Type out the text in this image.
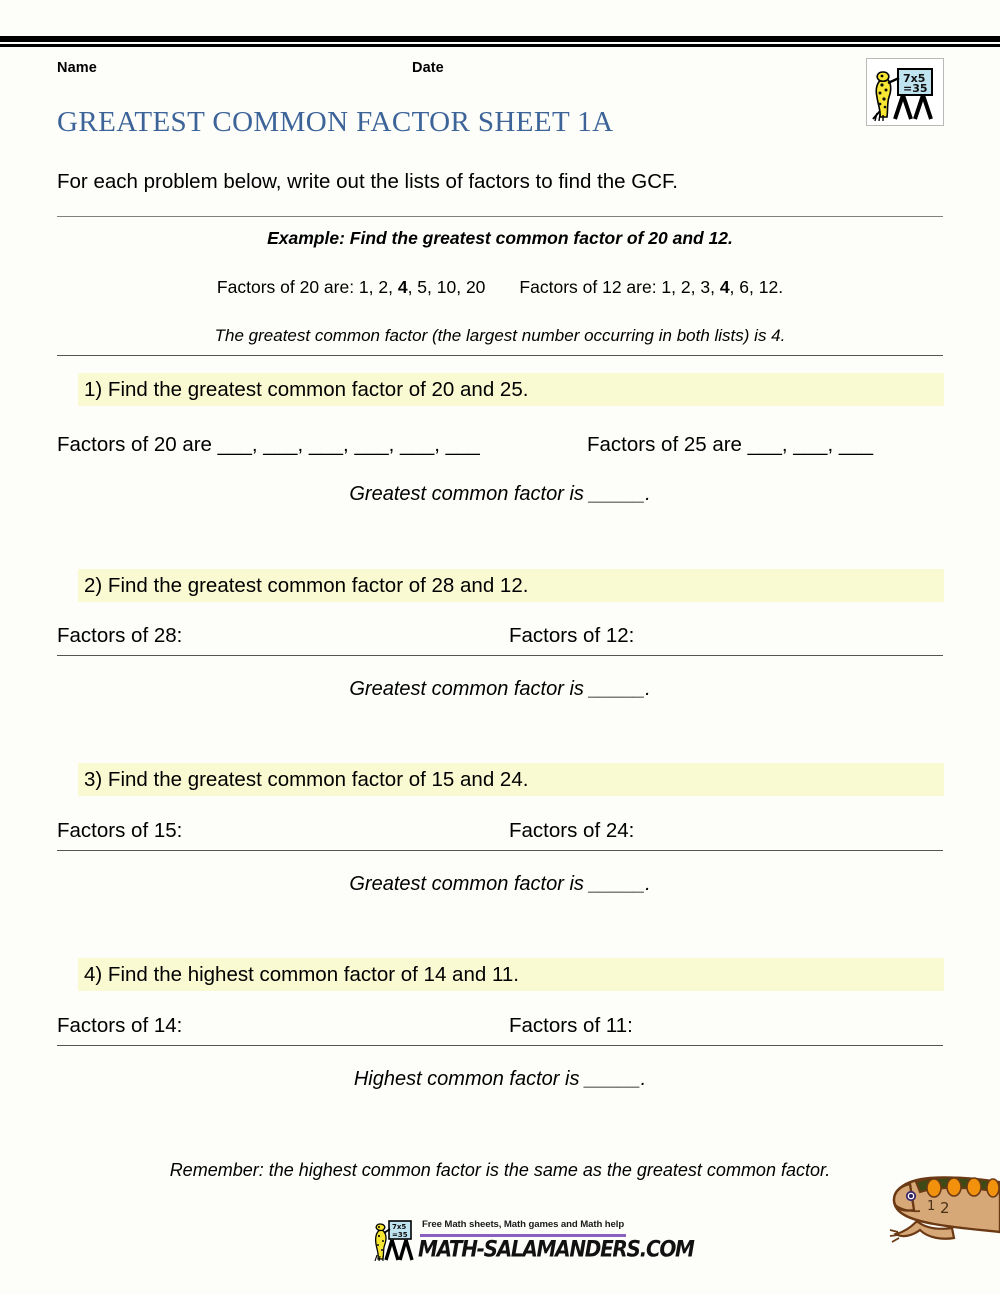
Name	Date
7x5
=35
GREATEST COMMON FACTOR SHEET 1A
For each problem below, write out the lists of factors to find the GCF.
Example: Find the greatest common factor of 20 and 12.
Factors of 20 are: 1, 2, 4, 5, 10, 20 Factors of 12 are: 1, 2, 3, 4, 6, 12.
The greatest common factor (the largest number occurring in both lists) is 4.
1) Find the greatest common factor of 20 and 25.
Factors of 20 are ___, ___, ___, ___, ___, ___	Factors of 25 are ___, ___, ___
Greatest common factor is _____.
2) Find the greatest common factor of 28 and 12.
Factors of 28:	Factors of 12:
Greatest common factor is _____.
3) Find the greatest common factor of 15 and 24.
Factors of 15:	Factors of 24:
Greatest common factor is _____.
4) Find the highest common factor of 14 and 11.
Factors of 14:	Factors of 11:
Highest common factor is _____.
Remember: the highest common factor is the same as the greatest common factor.
1 2
7x5
=35
Free Math sheets, Math games and Math help
MATH-SALAMANDERS.COM
